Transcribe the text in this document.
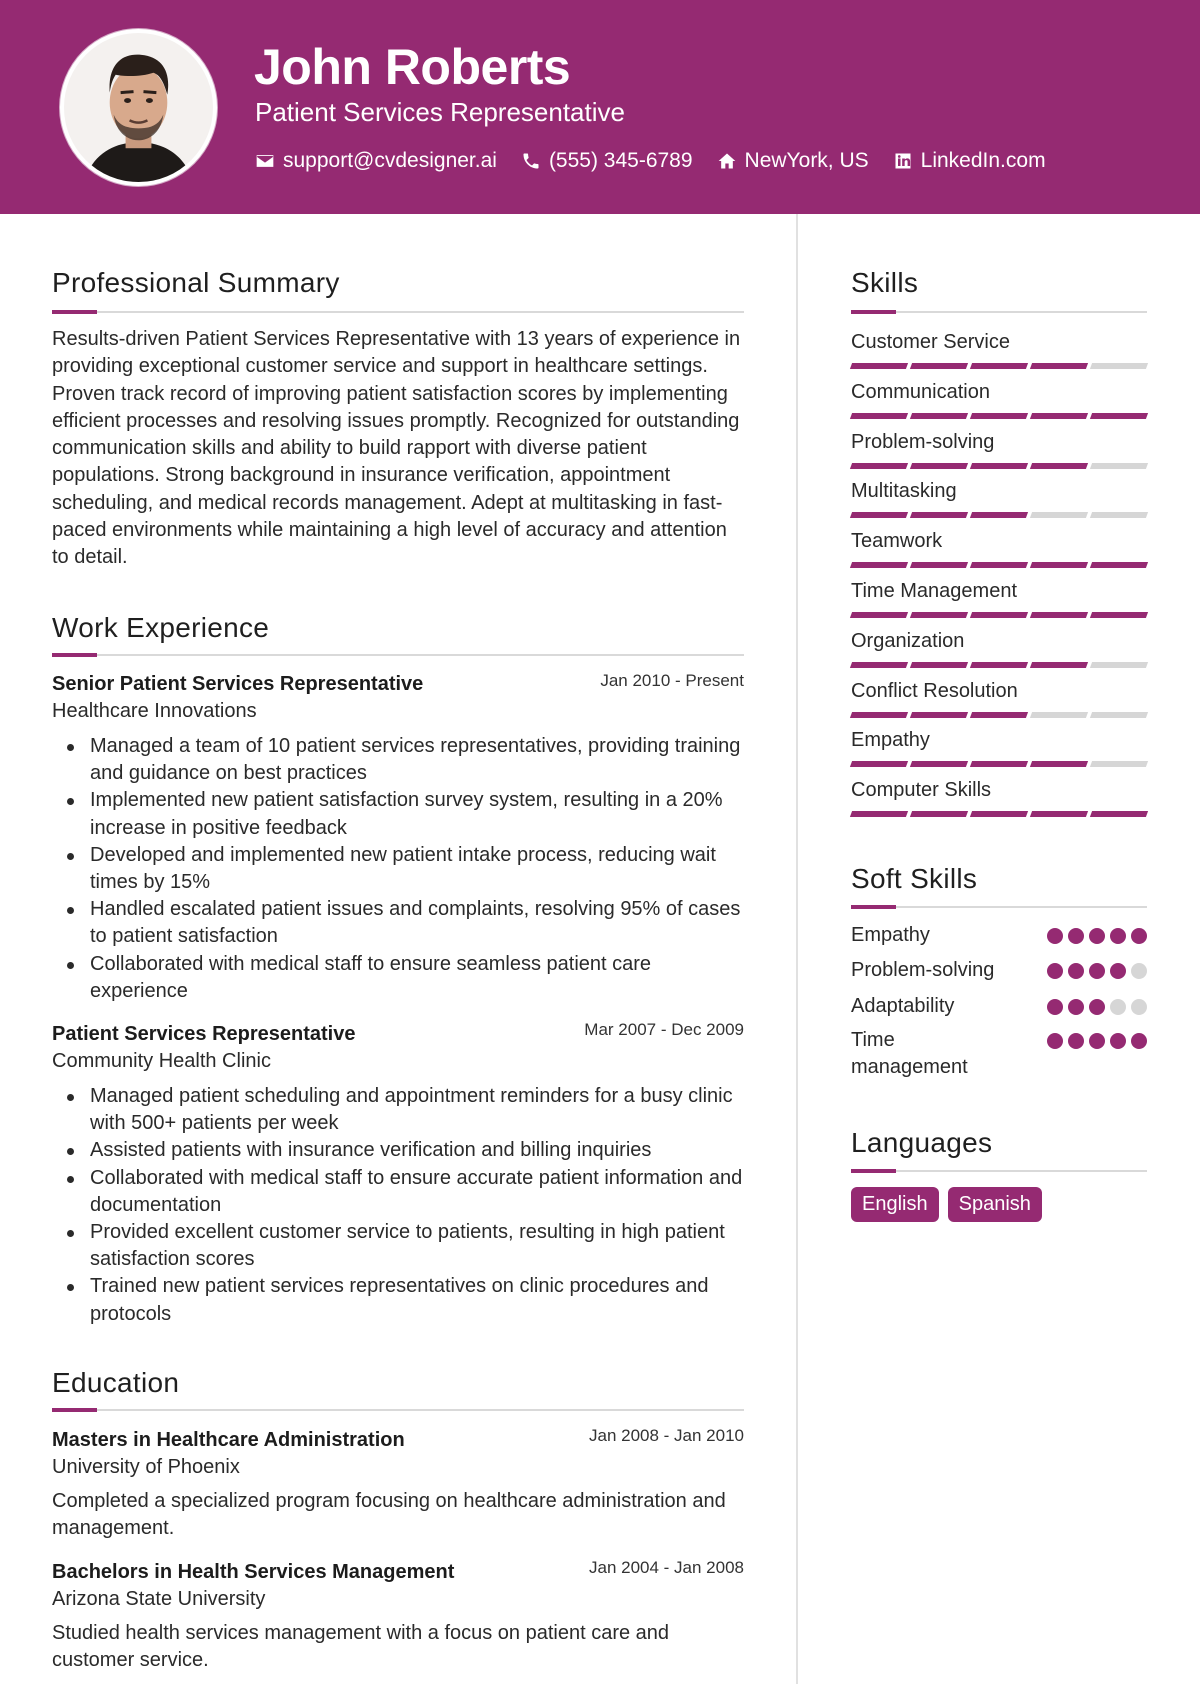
John Roberts
Patient Services Representative
support@cvdesigner.ai (555) 345-6789 NewYork, US LinkedIn.com
Professional Summary
Results-driven Patient Services Representative with 13 years of experience in providing exceptional customer service and support in healthcare settings. Proven track record of improving patient satisfaction scores by implementing efficient processes and resolving issues promptly. Recognized for outstanding communication skills and ability to build rapport with diverse patient populations. Strong background in insurance verification, appointment scheduling, and medical records management. Adept at multitasking in fast-paced environments while maintaining a high level of accuracy and attention to detail.
Work Experience
Senior Patient Services Representative	Jan 2010 - Present
Healthcare Innovations
Managed a team of 10 patient services representatives, providing training and guidance on best practices
Implemented new patient satisfaction survey system, resulting in a 20% increase in positive feedback
Developed and implemented new patient intake process, reducing wait times by 15%
Handled escalated patient issues and complaints, resolving 95% of cases to patient satisfaction
Collaborated with medical staff to ensure seamless patient care experience
Patient Services Representative	Mar 2007 - Dec 2009
Community Health Clinic
Managed patient scheduling and appointment reminders for a busy clinic with 500+ patients per week
Assisted patients with insurance verification and billing inquiries
Collaborated with medical staff to ensure accurate patient information and documentation
Provided excellent customer service to patients, resulting in high patient satisfaction scores
Trained new patient services representatives on clinic procedures and protocols
Education
Masters in Healthcare Administration	Jan 2008 - Jan 2010
University of Phoenix
Completed a specialized program focusing on healthcare administration and management.
Bachelors in Health Services Management	Jan 2004 - Jan 2008
Arizona State University
Studied health services management with a focus on patient care and customer service.
Skills
Customer Service
Communication
Problem-solving
Multitasking
Teamwork
Time Management
Organization
Conflict Resolution
Empathy
Computer Skills
Soft Skills
Empathy
Problem-solving
Adaptability
Time management
Languages
English	Spanish
